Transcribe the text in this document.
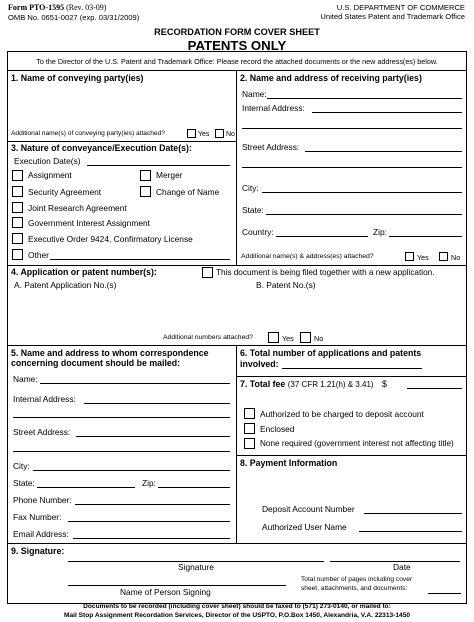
Form PTO-1595 (Rev. 03-09)
OMB No. 0651-0027 (exp. 03/31/2009)
U.S. DEPARTMENT OF COMMERCE
United States Patent and Trademark Office
RECORDATION FORM COVER SHEET
PATENTS ONLY
To the Director of the U.S. Patent and Trademark Office: Please record the attached documents or the new address(es) below.
1. Name of conveying party(ies)
Additional name(s) of conveying party(ies) attached?	Yes No
2. Name and address of receiving party(ies)
Name:
Internal Address:
Street Address:
City:
State:
Country:	Zip:
Additional name(s) & address(es) attached?	Yes	No
3. Nature of conveyance/Execution Date(s):
Execution Date(s)
Assignment	Merger
Security Agreement	Change of Name
Joint Research Agreement
Government Interest Assignment
Executive Order 9424, Confirmatory License
Other
4. Application or patent number(s):	This document is being filed together with a new application.
A. Patent Application No.(s)	B. Patent No.(s)
Additional numbers attached?	Yes	No
5. Name and address to whom correspondence
concerning document should be mailed:
Name:
Internal Address:
Street Address:
City:
State:	Zip:
Phone Number:
Fax Number:
Email Address:
6. Total number of applications and patents
involved:
7. Total fee (37 CFR 1.21(h) & 3.41) $
Authorized to be charged to deposit account
Enclosed
None required (government interest not affecting title)
8. Payment Information
Deposit Account Number
Authorized User Name
9. Signature:
Signature	Date
Name of Person Signing
Total number of pages including cover
sheet, attachments, and documents:
Documents to be recorded (including cover sheet) should be faxed to (571) 273-0140, or mailed to:
Mail Stop Assignment Recordation Services, Director of the USPTO, P.O.Box 1450, Alexandria, V.A. 22313-1450
